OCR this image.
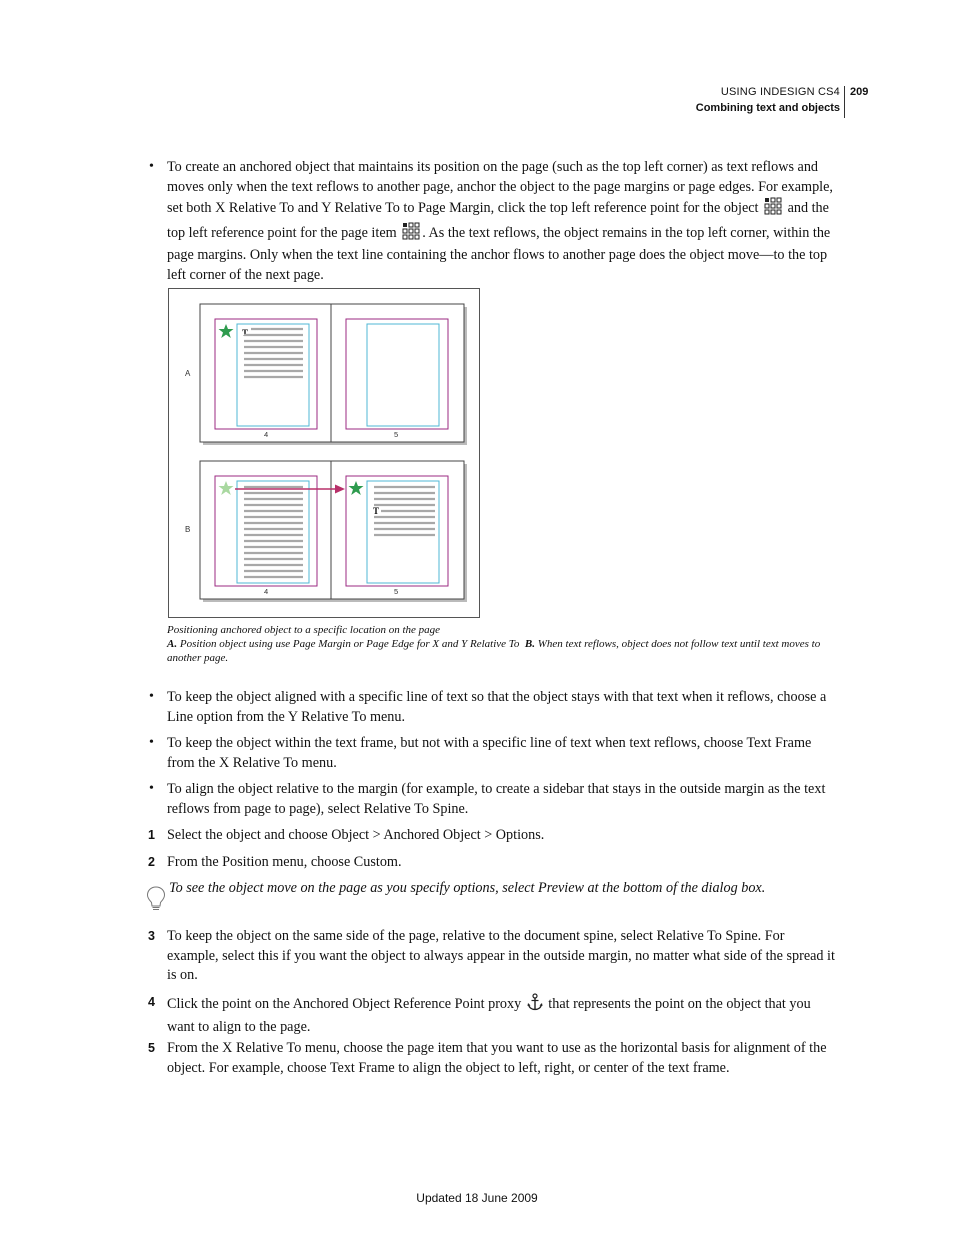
USING INDESIGN CS4
Combining text and objects
209
• To create an anchored object that maintains its position on the page (such as the top left corner) as text reflows and moves only when the text reflows to another page, anchor the object to the page margins or page edges. For example, set both X Relative To and Y Relative To to Page Margin, click the top left reference point for the object and the top left reference point for the page item . As the text reflows, the object remains in the top left corner, within the page margins. Only when the text line containing the anchor flows to another page does the object move—to the top left corner of the next page.
A
T
4	5
B
4
T
5
Positioning anchored object to a specific location on the page
A. Position object using use Page Margin or Page Edge for X and Y Relative To B. When text reflows, object does not follow text until text moves to another page.
• To keep the object aligned with a specific line of text so that the object stays with that text when it reflows, choose a Line option from the Y Relative To menu.
• To keep the object within the text frame, but not with a specific line of text when text reflows, choose Text Frame from the X Relative To menu.
• To align the object relative to the margin (for example, to create a sidebar that stays in the outside margin as the text reflows from page to page), select Relative To Spine.
1 Select the object and choose Object > Anchored Object > Options.
2 From the Position menu, choose Custom.
To see the object move on the page as you specify options, select Preview at the bottom of the dialog box.
3 To keep the object on the same side of the page, relative to the document spine, select Relative To Spine. For example, select this if you want the object to always appear in the outside margin, no matter what side of the spread it is on.
4 Click the point on the Anchored Object Reference Point proxy that represents the point on the object that you want to align to the page.
5 From the X Relative To menu, choose the page item that you want to use as the horizontal basis for alignment of the object. For example, choose Text Frame to align the object to left, right, or center of the text frame.
Updated 18 June 2009
